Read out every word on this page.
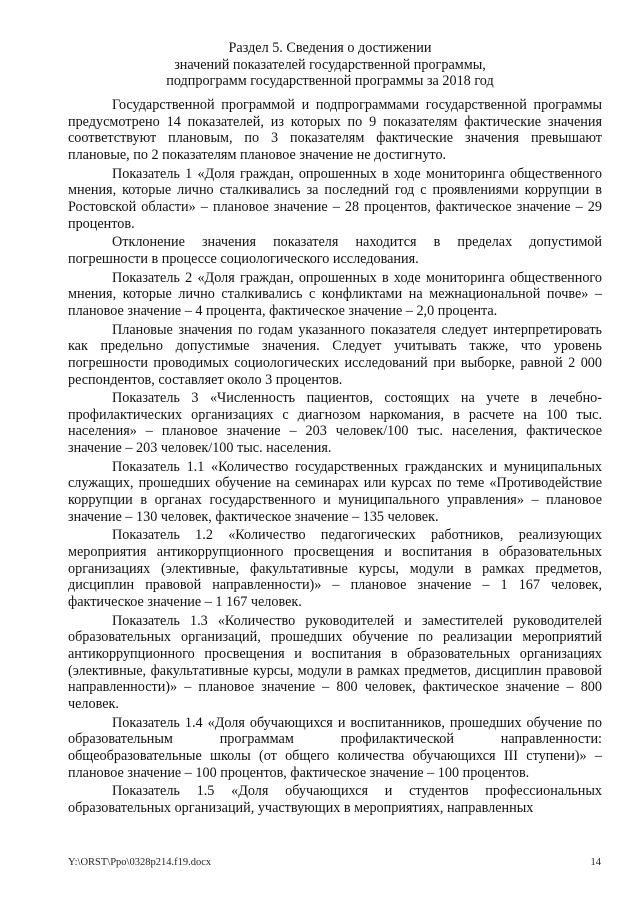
Раздел 5. Сведения о достижении
значений показателей государственной программы,
подпрограмм государственной программы за 2018 год

Государственной программой и подпрограммами государственной программы предусмотрено 14 показателей, из которых по 9 показателям фактические значения соответствуют плановым, по 3 показателям фактические значения превышают плановые, по 2 показателям плановое значение не достигнуто.

Показатель 1 «Доля граждан, опрошенных в ходе мониторинга общественного мнения, которые лично сталкивались за последний год с проявлениями коррупции в Ростовской области» – плановое значение – 28 процентов, фактическое значение – 29 процентов.

Отклонение значения показателя находится в пределах допустимой погрешности в процессе социологического исследования.

Показатель 2 «Доля граждан, опрошенных в ходе мониторинга общественного мнения, которые лично сталкивались с конфликтами на межнациональной почве» – плановое значение – 4 процента, фактическое значение – 2,0 процента.

Плановые значения по годам указанного показателя следует интерпретировать как предельно допустимые значения. Следует учитывать также, что уровень погрешности проводимых социологических исследований при выборке, равной 2 000 респондентов, составляет около 3 процентов.

Показатель 3 «Численность пациентов, состоящих на учете в лечебно-профилактических организациях с диагнозом наркомания, в расчете на 100 тыс. населения» – плановое значение – 203 человек/100 тыс. населения, фактическое значение – 203 человек/100 тыс. населения.

Показатель 1.1 «Количество государственных гражданских и муниципальных служащих, прошедших обучение на семинарах или курсах по теме «Противодействие коррупции в органах государственного и муниципального управления» – плановое значение – 130 человек, фактическое значение – 135 человек.

Показатель 1.2 «Количество педагогических работников, реализующих мероприятия антикоррупционного просвещения и воспитания в образовательных организациях (элективные, факультативные курсы, модули в рамках предметов, дисциплин правовой направленности)» – плановое значение – 1 167 человек, фактическое значение – 1 167 человек.

Показатель 1.3 «Количество руководителей и заместителей руководителей образовательных организаций, прошедших обучение по реализации мероприятий антикоррупционного просвещения и воспитания в образовательных организациях (элективные, факультативные курсы, модули в рамках предметов, дисциплин правовой направленности)» – плановое значение – 800 человек, фактическое значение – 800 человек.

Показатель 1.4 «Доля обучающихся и воспитанников, прошедших обучение по образовательным программам профилактической направленности: общеобразовательные школы (от общего количества обучающихся III ступени)» – плановое значение – 100 процентов, фактическое значение – 100 процентов.

Показатель 1.5 «Доля обучающихся и студентов профессиональных образовательных организаций, участвующих в мероприятиях, направленных

Y:\ORST\Ppo\0328p214.f19.docx	14
